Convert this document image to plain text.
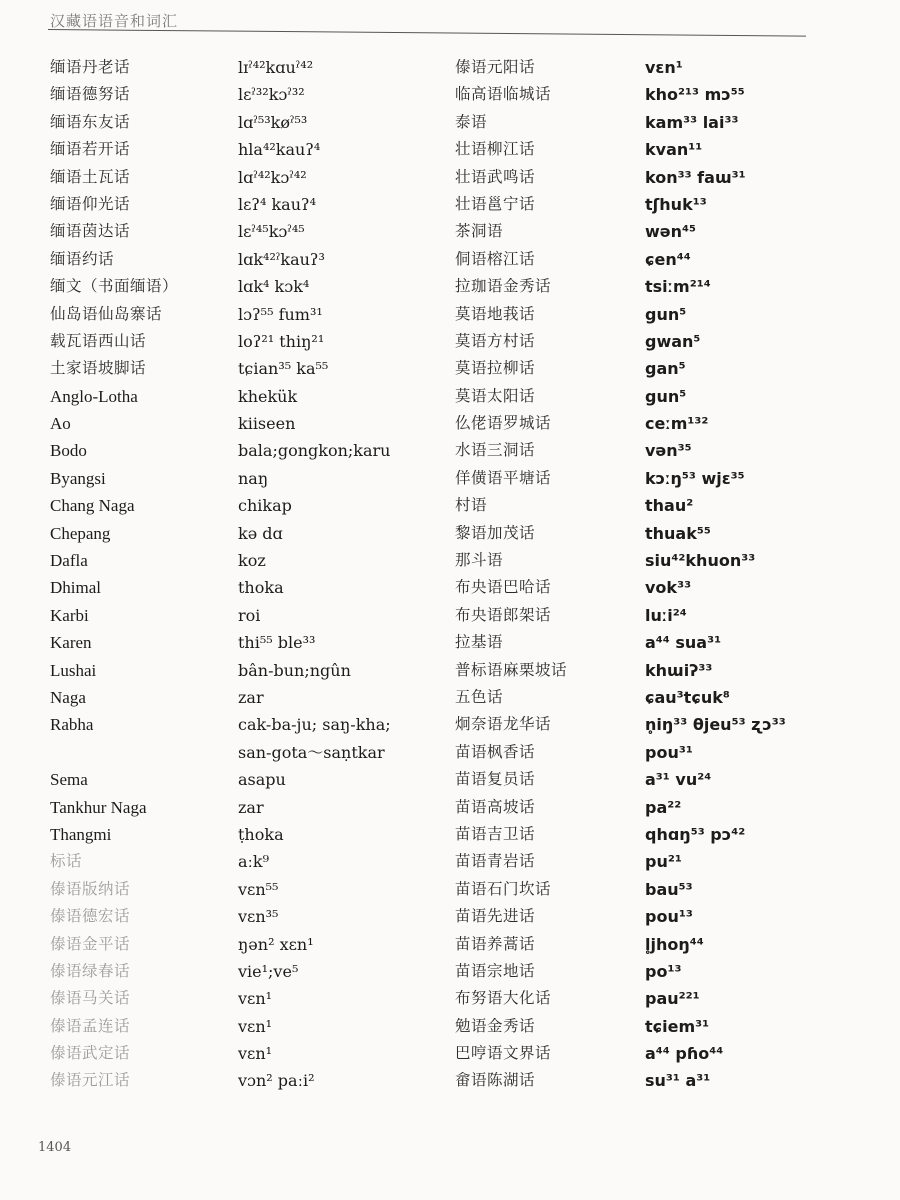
汉藏语语音和词汇
缅语丹老话	lɪˀ⁴²kɑuˀ⁴²
缅语德努话	lɛˀ³²kɔˀ³²
缅语东友话	lɑˀ⁵³køˀ⁵³
缅语若开话	hla⁴²kauʔ⁴
缅语土瓦话	lɑˀ⁴²kɔˀ⁴²
缅语仰光话	lɛʔ⁴ kauʔ⁴
缅语茵达话	lɛˀ⁴⁵kɔˀ⁴⁵
缅语约话	lɑk⁴²ˀkauʔ³
缅文（书面缅语）	lɑk⁴ kɔk⁴
仙岛语仙岛寨话	lɔʔ⁵⁵ fum³¹
载瓦语西山话	loʔ²¹ thiŋ²¹
土家语坡脚话	tɕian³⁵ ka⁵⁵
Anglo-Lotha	khekük
Ao	kiiseen
Bodo	bala;gongkon;karu
Byangsi	naŋ
Chang Naga	chikap
Chepang	kə dɑ
Dafla	koz
Dhimal	thoka
Karbi	roi
Karen	thi⁵⁵ ble³³
Lushai	bân-bun;ngûn
Naga	zar
Rabha	cak-ba-ju; saŋ-kha;
san-gota～saṇtkar
Sema	asapu
Tankhur Naga	zar
Thangmi	ṭhoka
标话	aːk⁹
傣语版纳话	vɛn⁵⁵
傣语德宏话	vɛn³⁵
傣语金平话	ŋən² xɛn¹
傣语绿春话	vie¹;ve⁵
傣语马关话	vɛn¹
傣语孟连话	vɛn¹
傣语武定话	vɛn¹
傣语元江话	vɔn² paːi²
傣语元阳话	vɛn¹
临高语临城话	kho²¹³ mɔ⁵⁵
泰语	kam³³ lai³³
壮语柳江话	kvan¹¹
壮语武鸣话	kon³³ faɯ³¹
壮语邕宁话	tʃhuk¹³
茶洞语	wən⁴⁵
侗语榕江话	ɕen⁴⁴
拉珈语金秀话	tsiːm²¹⁴
莫语地莪话	gun⁵
莫语方村话	gwan⁵
莫语拉柳话	gan⁵
莫语太阳话	gun⁵
仫佬语罗城话	ceːm¹³²
水语三洞话	vən³⁵
佯僙语平塘话	kɔːŋ⁵³ wjɛ³⁵
村语	thau²
黎语加茂话	thuak⁵⁵
那斗语	siu⁴²khuon³³
布央语巴哈话	vok³³
布央语郎架话	luːi²⁴
拉基语	a⁴⁴ sua³¹
普标语麻栗坡话	khɯiʔ³³
五色话	ɕau³tɕuk⁸
炯奈语龙华话	n̥iŋ³³ θjeu⁵³ ʐɔ³³
苗语枫香话	pou³¹
苗语复员话	a³¹ vu²⁴
苗语高坡话	pa²²
苗语吉卫话	qhɑŋ⁵³ pɔ⁴²
苗语青岩话	pu²¹
苗语石门坎话	bau⁵³
苗语先进话	pou¹³
苗语养蒿话	l̥jhoŋ⁴⁴
苗语宗地话	po¹³
布努语大化话	pau²²¹
勉语金秀话	tɕiem³¹
巴哼语文界话	a⁴⁴ pɦo⁴⁴
畲语陈湖话	su³¹ a³¹
1404
